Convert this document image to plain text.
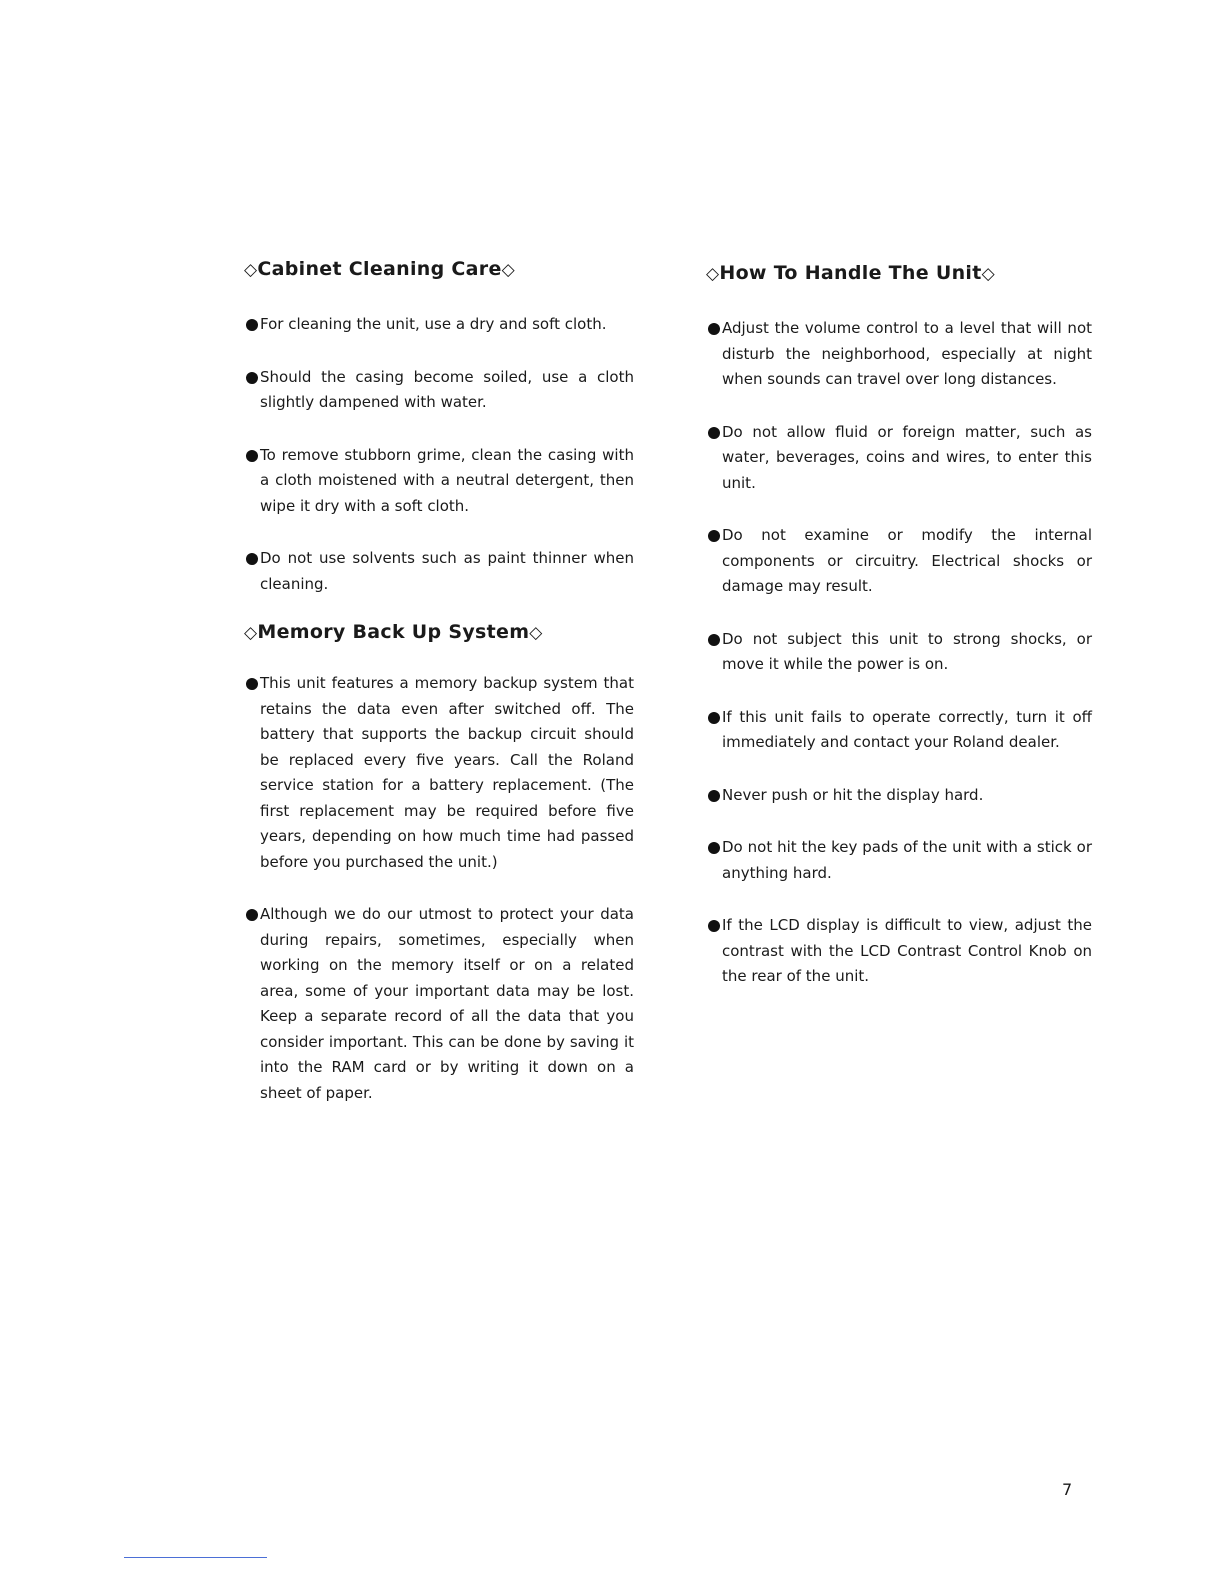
◇Cabinet Cleaning Care◇
For cleaning the unit, use a dry and soft cloth.
Should the casing become soiled, use a cloth slightly dampened with water.
To remove stubborn grime, clean the casing with a cloth moistened with a neutral detergent, then wipe it dry with a soft cloth.
Do not use solvents such as paint thinner when cleaning.
◇Memory Back Up System◇
This unit features a memory backup system that retains the data even after switched off. The battery that supports the backup circuit should be replaced every five years. Call the Roland service station for a battery replacement. (The first replacement may be required before five years, depending on how much time had passed before you purchased the unit.)
Although we do our utmost to protect your data during repairs, sometimes, especially when working on the memory itself or on a related area, some of your important data may be lost. Keep a separate record of all the data that you consider important. This can be done by saving it into the RAM card or by writing it down on a sheet of paper.
◇How To Handle The Unit◇
Adjust the volume control to a level that will not disturb the neighborhood, especially at night when sounds can travel over long distances.
Do not allow fluid or foreign matter, such as water, beverages, coins and wires, to enter this unit.
Do not examine or modify the internal components or circuitry. Electrical shocks or damage may result.
Do not subject this unit to strong shocks, or move it while the power is on.
If this unit fails to operate correctly, turn it off immediately and contact your Roland dealer.
Never push or hit the display hard.
Do not hit the key pads of the unit with a stick or anything hard.
If the LCD display is difficult to view, adjust the contrast with the LCD Contrast Control Knob on the rear of the unit.
7
